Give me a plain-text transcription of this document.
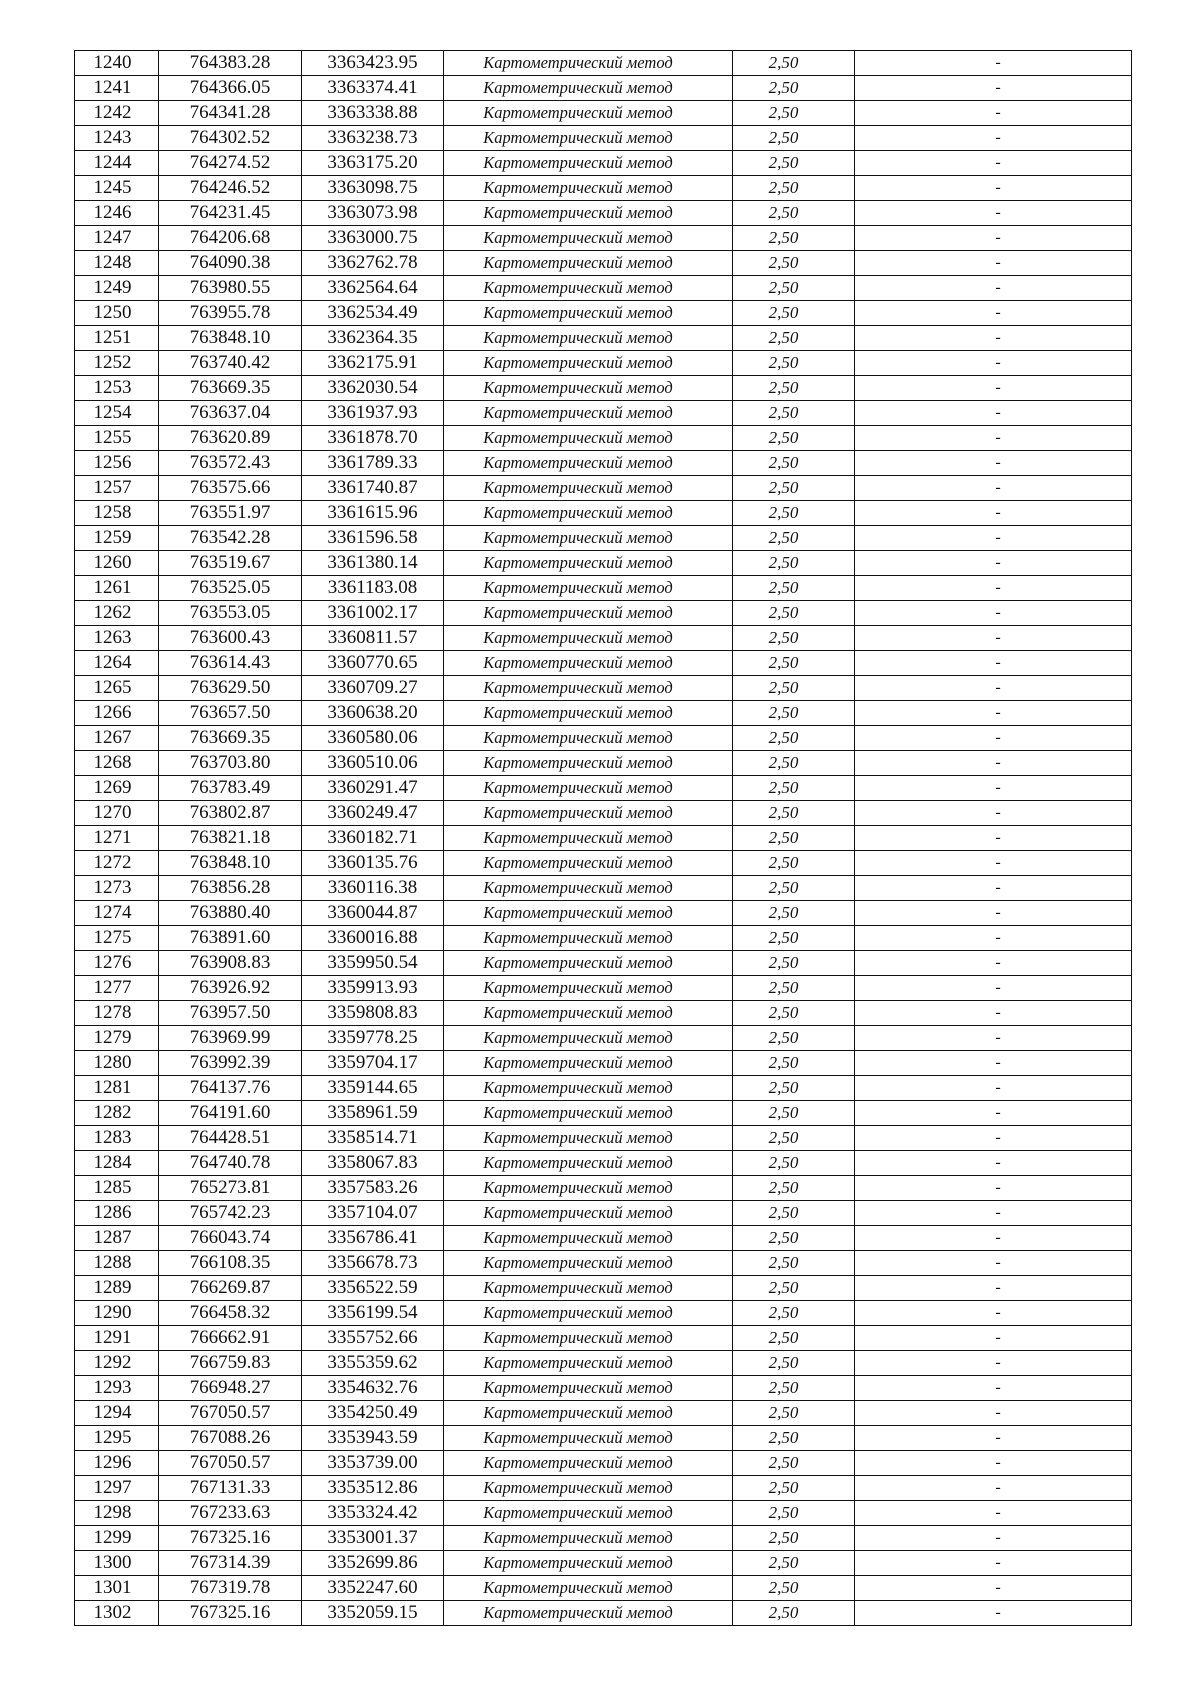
1240	764383.28	3363423.95	Картометрический метод	2,50	-
1241	764366.05	3363374.41	Картометрический метод	2,50	-
1242	764341.28	3363338.88	Картометрический метод	2,50	-
1243	764302.52	3363238.73	Картометрический метод	2,50	-
1244	764274.52	3363175.20	Картометрический метод	2,50	-
1245	764246.52	3363098.75	Картометрический метод	2,50	-
1246	764231.45	3363073.98	Картометрический метод	2,50	-
1247	764206.68	3363000.75	Картометрический метод	2,50	-
1248	764090.38	3362762.78	Картометрический метод	2,50	-
1249	763980.55	3362564.64	Картометрический метод	2,50	-
1250	763955.78	3362534.49	Картометрический метод	2,50	-
1251	763848.10	3362364.35	Картометрический метод	2,50	-
1252	763740.42	3362175.91	Картометрический метод	2,50	-
1253	763669.35	3362030.54	Картометрический метод	2,50	-
1254	763637.04	3361937.93	Картометрический метод	2,50	-
1255	763620.89	3361878.70	Картометрический метод	2,50	-
1256	763572.43	3361789.33	Картометрический метод	2,50	-
1257	763575.66	3361740.87	Картометрический метод	2,50	-
1258	763551.97	3361615.96	Картометрический метод	2,50	-
1259	763542.28	3361596.58	Картометрический метод	2,50	-
1260	763519.67	3361380.14	Картометрический метод	2,50	-
1261	763525.05	3361183.08	Картометрический метод	2,50	-
1262	763553.05	3361002.17	Картометрический метод	2,50	-
1263	763600.43	3360811.57	Картометрический метод	2,50	-
1264	763614.43	3360770.65	Картометрический метод	2,50	-
1265	763629.50	3360709.27	Картометрический метод	2,50	-
1266	763657.50	3360638.20	Картометрический метод	2,50	-
1267	763669.35	3360580.06	Картометрический метод	2,50	-
1268	763703.80	3360510.06	Картометрический метод	2,50	-
1269	763783.49	3360291.47	Картометрический метод	2,50	-
1270	763802.87	3360249.47	Картометрический метод	2,50	-
1271	763821.18	3360182.71	Картометрический метод	2,50	-
1272	763848.10	3360135.76	Картометрический метод	2,50	-
1273	763856.28	3360116.38	Картометрический метод	2,50	-
1274	763880.40	3360044.87	Картометрический метод	2,50	-
1275	763891.60	3360016.88	Картометрический метод	2,50	-
1276	763908.83	3359950.54	Картометрический метод	2,50	-
1277	763926.92	3359913.93	Картометрический метод	2,50	-
1278	763957.50	3359808.83	Картометрический метод	2,50	-
1279	763969.99	3359778.25	Картометрический метод	2,50	-
1280	763992.39	3359704.17	Картометрический метод	2,50	-
1281	764137.76	3359144.65	Картометрический метод	2,50	-
1282	764191.60	3358961.59	Картометрический метод	2,50	-
1283	764428.51	3358514.71	Картометрический метод	2,50	-
1284	764740.78	3358067.83	Картометрический метод	2,50	-
1285	765273.81	3357583.26	Картометрический метод	2,50	-
1286	765742.23	3357104.07	Картометрический метод	2,50	-
1287	766043.74	3356786.41	Картометрический метод	2,50	-
1288	766108.35	3356678.73	Картометрический метод	2,50	-
1289	766269.87	3356522.59	Картометрический метод	2,50	-
1290	766458.32	3356199.54	Картометрический метод	2,50	-
1291	766662.91	3355752.66	Картометрический метод	2,50	-
1292	766759.83	3355359.62	Картометрический метод	2,50	-
1293	766948.27	3354632.76	Картометрический метод	2,50	-
1294	767050.57	3354250.49	Картометрический метод	2,50	-
1295	767088.26	3353943.59	Картометрический метод	2,50	-
1296	767050.57	3353739.00	Картометрический метод	2,50	-
1297	767131.33	3353512.86	Картометрический метод	2,50	-
1298	767233.63	3353324.42	Картометрический метод	2,50	-
1299	767325.16	3353001.37	Картометрический метод	2,50	-
1300	767314.39	3352699.86	Картометрический метод	2,50	-
1301	767319.78	3352247.60	Картометрический метод	2,50	-
1302	767325.16	3352059.15	Картометрический метод	2,50	-
